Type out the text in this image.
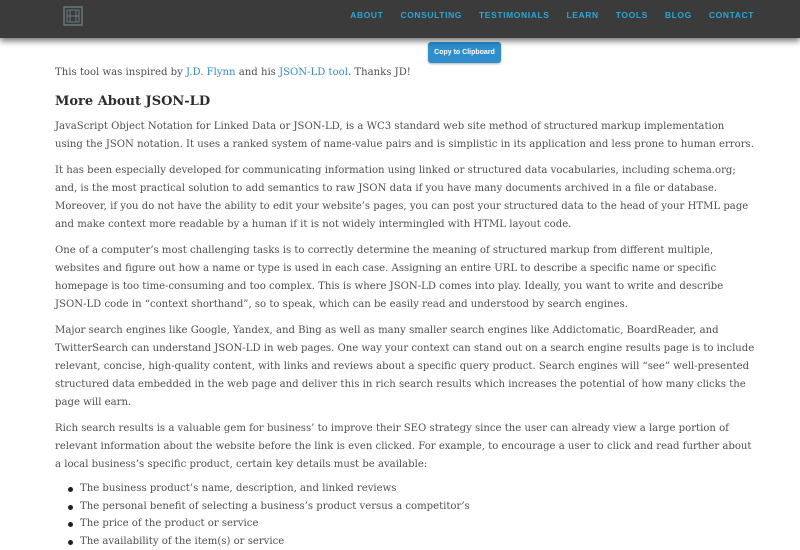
ABOUT CONSULTING TESTIMONIALS LEARN TOOLS BLOG CONTACT
Copy to Clipboard

This tool was inspired by J.D. Flynn and his JSON-LD tool. Thanks JD!

More About JSON-LD

JavaScript Object Notation for Linked Data or JSON-LD, is a WC3 standard web site method of structured markup implementation using the JSON notation. It uses a ranked system of name-value pairs and is simplistic in its application and less prone to human errors.

It has been especially developed for communicating information using linked or structured data vocabularies, including schema.org; and, is the most practical solution to add semantics to raw JSON data if you have many documents archived in a file or database. Moreover, if you do not have the ability to edit your website’s pages, you can post your structured data to the head of your HTML page and make context more readable by a human if it is not widely intermingled with HTML layout code.

One of a computer’s most challenging tasks is to correctly determine the meaning of structured markup from different multiple, websites and figure out how a name or type is used in each case. Assigning an entire URL to describe a specific name or specific homepage is too time-consuming and too complex. This is where JSON-LD comes into play. Ideally, you want to write and describe JSON-LD code in “context shorthand”, so to speak, which can be easily read and understood by search engines.

Major search engines like Google, Yandex, and Bing as well as many smaller search engines like Addictomatic, BoardReader, and TwitterSearch can understand JSON-LD in web pages. One way your context can stand out on a search engine results page is to include relevant, concise, high-quality content, with links and reviews about a specific query product. Search engines will “see” well-presented structured data embedded in the web page and deliver this in rich search results which increases the potential of how many clicks the page will earn.

Rich search results is a valuable gem for business’ to improve their SEO strategy since the user can already view a large portion of relevant information about the website before the link is even clicked. For example, to encourage a user to click and read further about a local business’s specific product, certain key details must be available:

The business product’s name, description, and linked reviews
The personal benefit of selecting a business’s product versus a competitor’s
The price of the product or service
The availability of the item(s) or service
